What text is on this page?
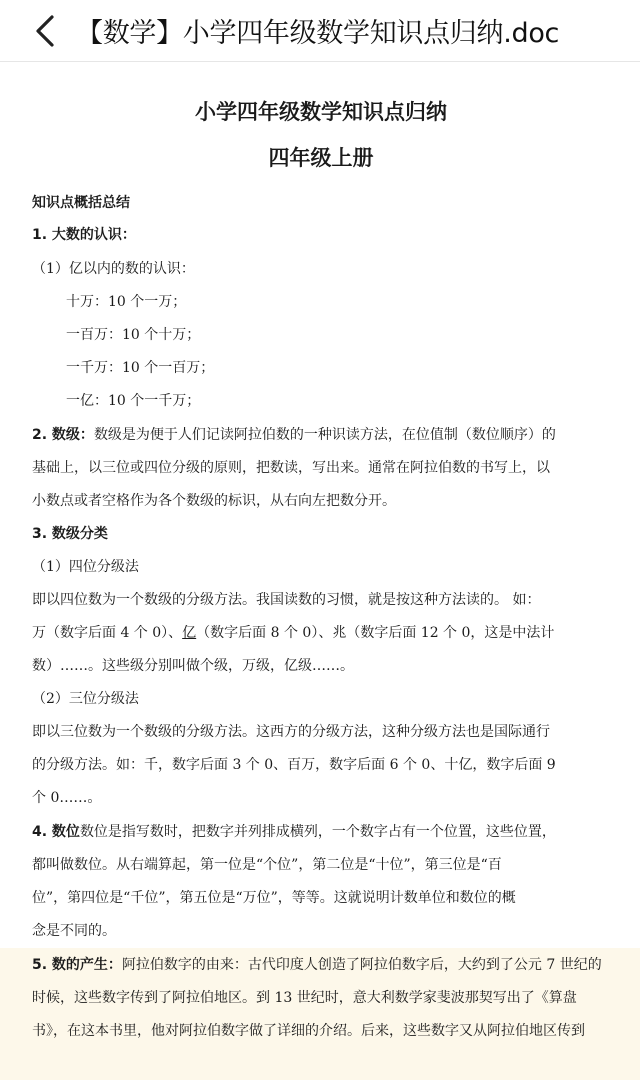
【数学】小学四年级数学知识点归纳.doc
小学四年级数学知识点归纳
四年级上册

知识点概括总结

1. 大数的认识：

（1）亿以内的数的认识：

十万：10 个一万；

一百万：10 个十万；

一千万：10 个一百万；

一亿：10 个一千万；

2. 数级：数级是为便于人们记读阿拉伯数的一种识读方法，在位值制（数位顺序）的

基础上，以三位或四位分级的原则，把数读，写出来。通常在阿拉伯数的书写上，以

小数点或者空格作为各个数级的标识，从右向左把数分开。

3. 数级分类

（1）四位分级法

即以四位数为一个数级的分级方法。我国读数的习惯，就是按这种方法读的。 如：

万（数字后面 4 个 0）、亿（数字后面 8 个 0）、兆（数字后面 12 个 0，这是中法计

数）……。这些级分别叫做个级，万级，亿级……。

（2）三位分级法

即以三位数为一个数级的分级方法。这西方的分级方法，这种分级方法也是国际通行

的分级方法。如：千，数字后面 3 个 0、百万，数字后面 6 个 0、十亿，数字后面 9

个 0……。

4. 数位数位是指写数时，把数字并列排成横列，一个数字占有一个位置，这些位置，

都叫做数位。从右端算起，第一位是“个位”，第二位是“十位”，第三位是“百

位”，第四位是“千位”，第五位是“万位”，等等。这就说明计数单位和数位的概

念是不同的。

5. 数的产生：阿拉伯数字的由来：古代印度人创造了阿拉伯数字后，大约到了公元 7 世纪的

时候，这些数字传到了阿拉伯地区。到 13 世纪时，意大利数学家斐波那契写出了《算盘

书》，在这本书里，他对阿拉伯数字做了详细的介绍。后来，这些数字又从阿拉伯地区传到
